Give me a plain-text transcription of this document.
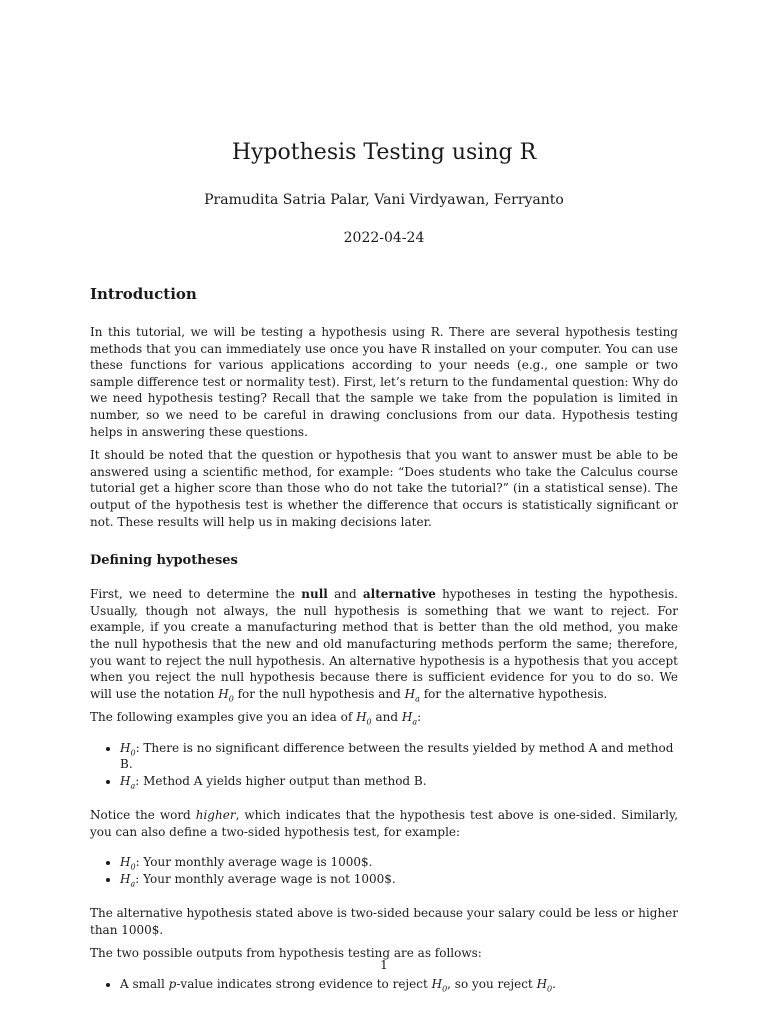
Hypothesis Testing using R
Pramudita Satria Palar, Vani Virdyawan, Ferryanto
2022-04-24
Introduction

In this tutorial, we will be testing a hypothesis using R. There are several hypothesis testing methods that you can immediately use once you have R installed on your computer. You can use these functions for various applications according to your needs (e.g., one sample or two sample difference test or normality test). First, let’s return to the fundamental question: Why do we need hypothesis testing? Recall that the sample we take from the population is limited in number, so we need to be careful in drawing conclusions from our data. Hypothesis testing helps in answering these questions.

It should be noted that the question or hypothesis that you want to answer must be able to be answered using a scientific method, for example: “Does students who take the Calculus course tutorial get a higher score than those who do not take the tutorial?” (in a statistical sense). The output of the hypothesis test is whether the difference that occurs is statistically significant or not. These results will help us in making decisions later.

Defining hypotheses

First, we need to determine the null and alternative hypotheses in testing the hypothesis. Usually, though not always, the null hypothesis is something that we want to reject. For example, if you create a manufacturing method that is better than the old method, you make the null hypothesis that the new and old manufacturing methods perform the same; therefore, you want to reject the null hypothesis. An alternative hypothesis is a hypothesis that you accept when you reject the null hypothesis because there is sufficient evidence for you to do so. We will use the notation $H_0$ for the null hypothesis and $H_a$ for the alternative hypothesis.

The following examples give you an idea of $H_0$ and $H_a$:

• $H_0$: There is no significant difference between the results yielded by method A and method B.
• $H_a$: Method A yields higher output than method B.

Notice the word higher, which indicates that the hypothesis test above is one-sided. Similarly, you can also define a two-sided hypothesis test, for example:

• $H_0$: Your monthly average wage is 1000$.
• $H_a$: Your monthly average wage is not 1000$.

The alternative hypothesis stated above is two-sided because your salary could be less or higher than 1000$.

The two possible outputs from hypothesis testing are as follows:

• A small p-value indicates strong evidence to reject $H_0$, so you reject $H_0$.
1
